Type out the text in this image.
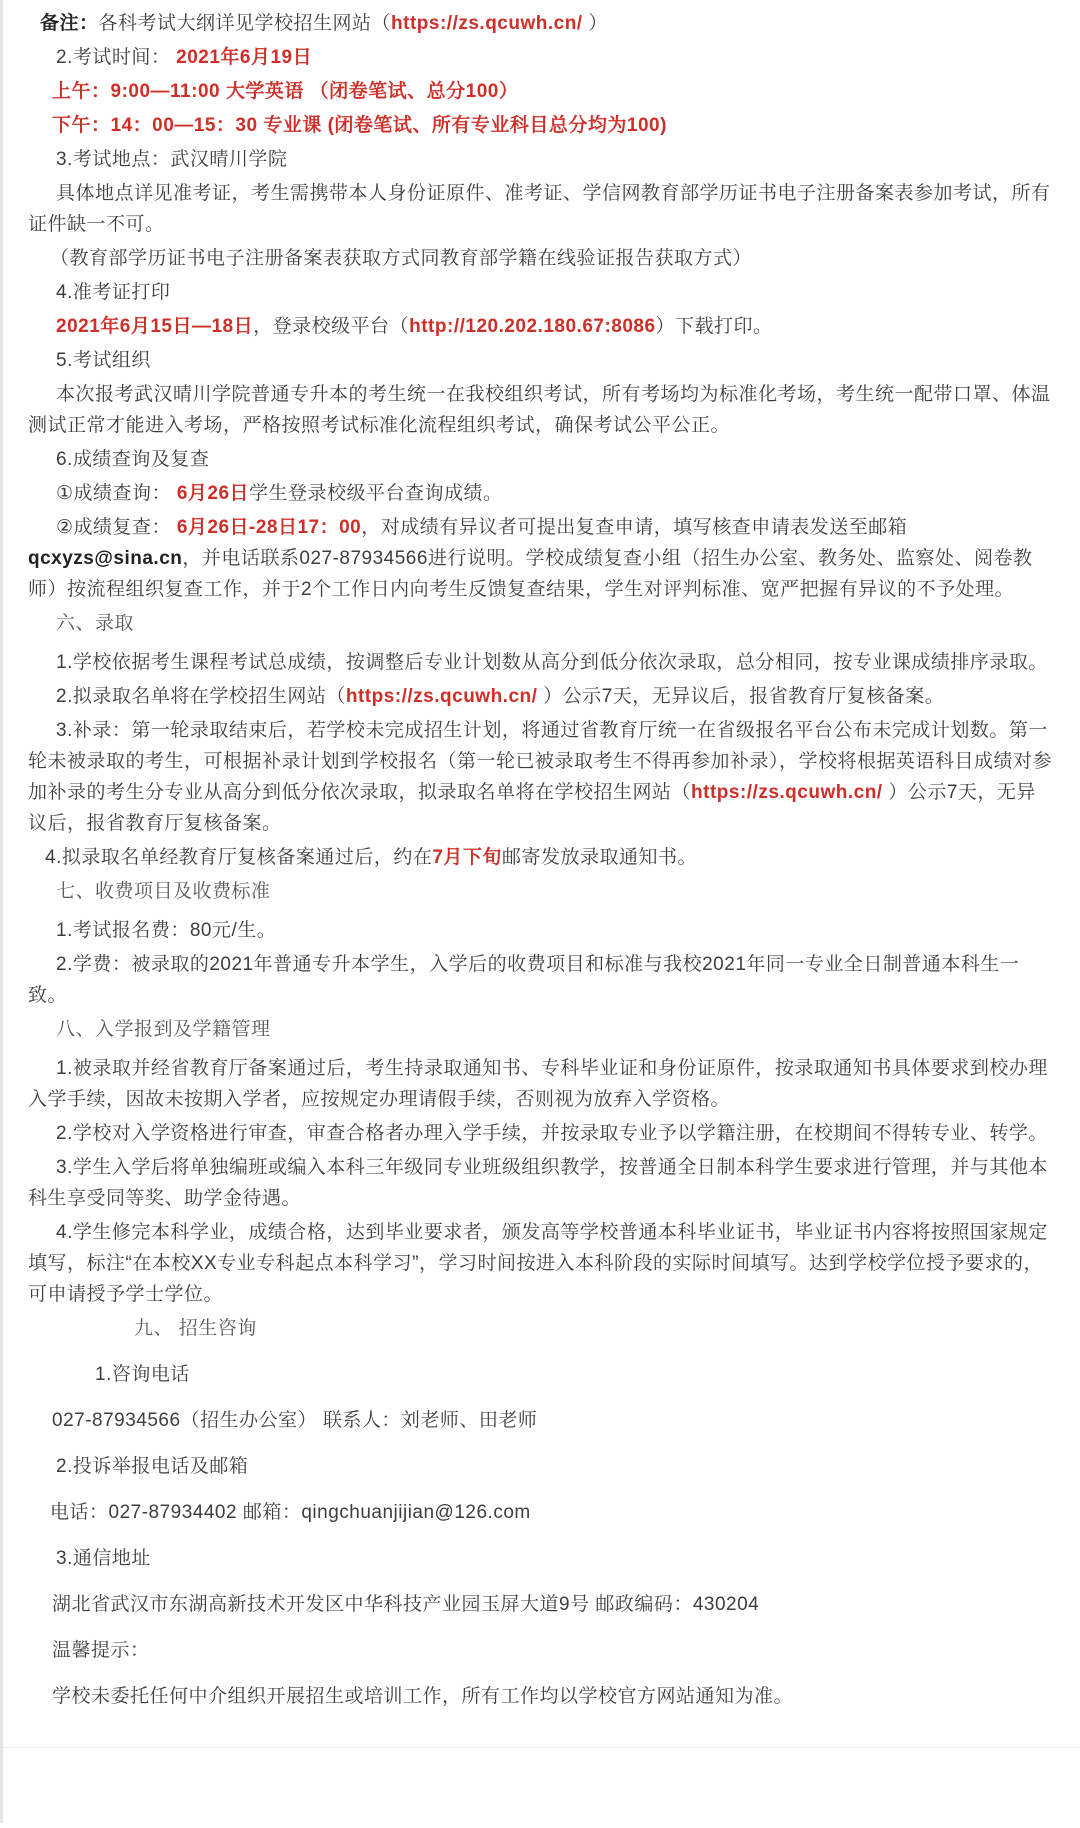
备注：各科考试大纲详见学校招生网站（https://zs.qcuwh.cn/ ）

2.考试时间： 2021年6月19日

上午：9:00—11:00 大学英语 （闭卷笔试、总分100）

下午：14：00—15：30 专业课 (闭卷笔试、所有专业科目总分均为100)

3.考试地点：武汉晴川学院

具体地点详见准考证，考生需携带本人身份证原件、准考证、学信网教育部学历证书电子注册备案表参加考试，所有证件缺一不可。

（教育部学历证书电子注册备案表获取方式同教育部学籍在线验证报告获取方式）

4.准考证打印

2021年6月15日—18日，登录校级平台（http://120.202.180.67:8086）下载打印。

5.考试组织

本次报考武汉晴川学院普通专升本的考生统一在我校组织考试，所有考场均为标准化考场，考生统一配带口罩、体温测试正常才能进入考场，严格按照考试标准化流程组织考试，确保考试公平公正。

6.成绩查询及复查

①成绩查询： 6月26日学生登录校级平台查询成绩。

②成绩复查： 6月26日-28日17：00，对成绩有异议者可提出复查申请，填写核查申请表发送至邮箱qcxyzs@sina.cn，并电话联系027-87934566进行说明。学校成绩复查小组（招生办公室、教务处、监察处、阅卷教师）按流程组织复查工作，并于2个工作日内向考生反馈复查结果，学生对评判标准、宽严把握有异议的不予处理。

六、录取

1.学校依据考生课程考试总成绩，按调整后专业计划数从高分到低分依次录取，总分相同，按专业课成绩排序录取。

2.拟录取名单将在学校招生网站（https://zs.qcuwh.cn/ ）公示7天，无异议后，报省教育厅复核备案。

3.补录：第一轮录取结束后，若学校未完成招生计划，将通过省教育厅统一在省级报名平台公布未完成计划数。第一轮未被录取的考生，可根据补录计划到学校报名（第一轮已被录取考生不得再参加补录），学校将根据英语科目成绩对参加补录的考生分专业从高分到低分依次录取，拟录取名单将在学校招生网站（https://zs.qcuwh.cn/ ）公示7天，无异议后，报省教育厅复核备案。

4.拟录取名单经教育厅复核备案通过后，约在7月下旬邮寄发放录取通知书。

七、收费项目及收费标准

1.考试报名费：80元/生。

2.学费：被录取的2021年普通专升本学生，入学后的收费项目和标准与我校2021年同一专业全日制普通本科生一致。

八、入学报到及学籍管理

1.被录取并经省教育厅备案通过后，考生持录取通知书、专科毕业证和身份证原件，按录取通知书具体要求到校办理入学手续，因故未按期入学者，应按规定办理请假手续，否则视为放弃入学资格。

2.学校对入学资格进行审查，审查合格者办理入学手续，并按录取专业予以学籍注册，在校期间不得转专业、转学。

3.学生入学后将单独编班或编入本科三年级同专业班级组织教学，按普通全日制本科学生要求进行管理，并与其他本科生享受同等奖、助学金待遇。

4.学生修完本科学业，成绩合格，达到毕业要求者，颁发高等学校普通本科毕业证书，毕业证书内容将按照国家规定填写，标注“在本校XX专业专科起点本科学习”，学习时间按进入本科阶段的实际时间填写。达到学校学位授予要求的，可申请授予学士学位。

九、 招生咨询

1.咨询电话

027-87934566（招生办公室） 联系人：刘老师、田老师

2.投诉举报电话及邮箱

电话：027-87934402 邮箱：qingchuanjijian@126.com

3.通信地址

湖北省武汉市东湖高新技术开发区中华科技产业园玉屏大道9号 邮政编码：430204

温馨提示：

学校未委托任何中介组织开展招生或培训工作，所有工作均以学校官方网站通知为准。
